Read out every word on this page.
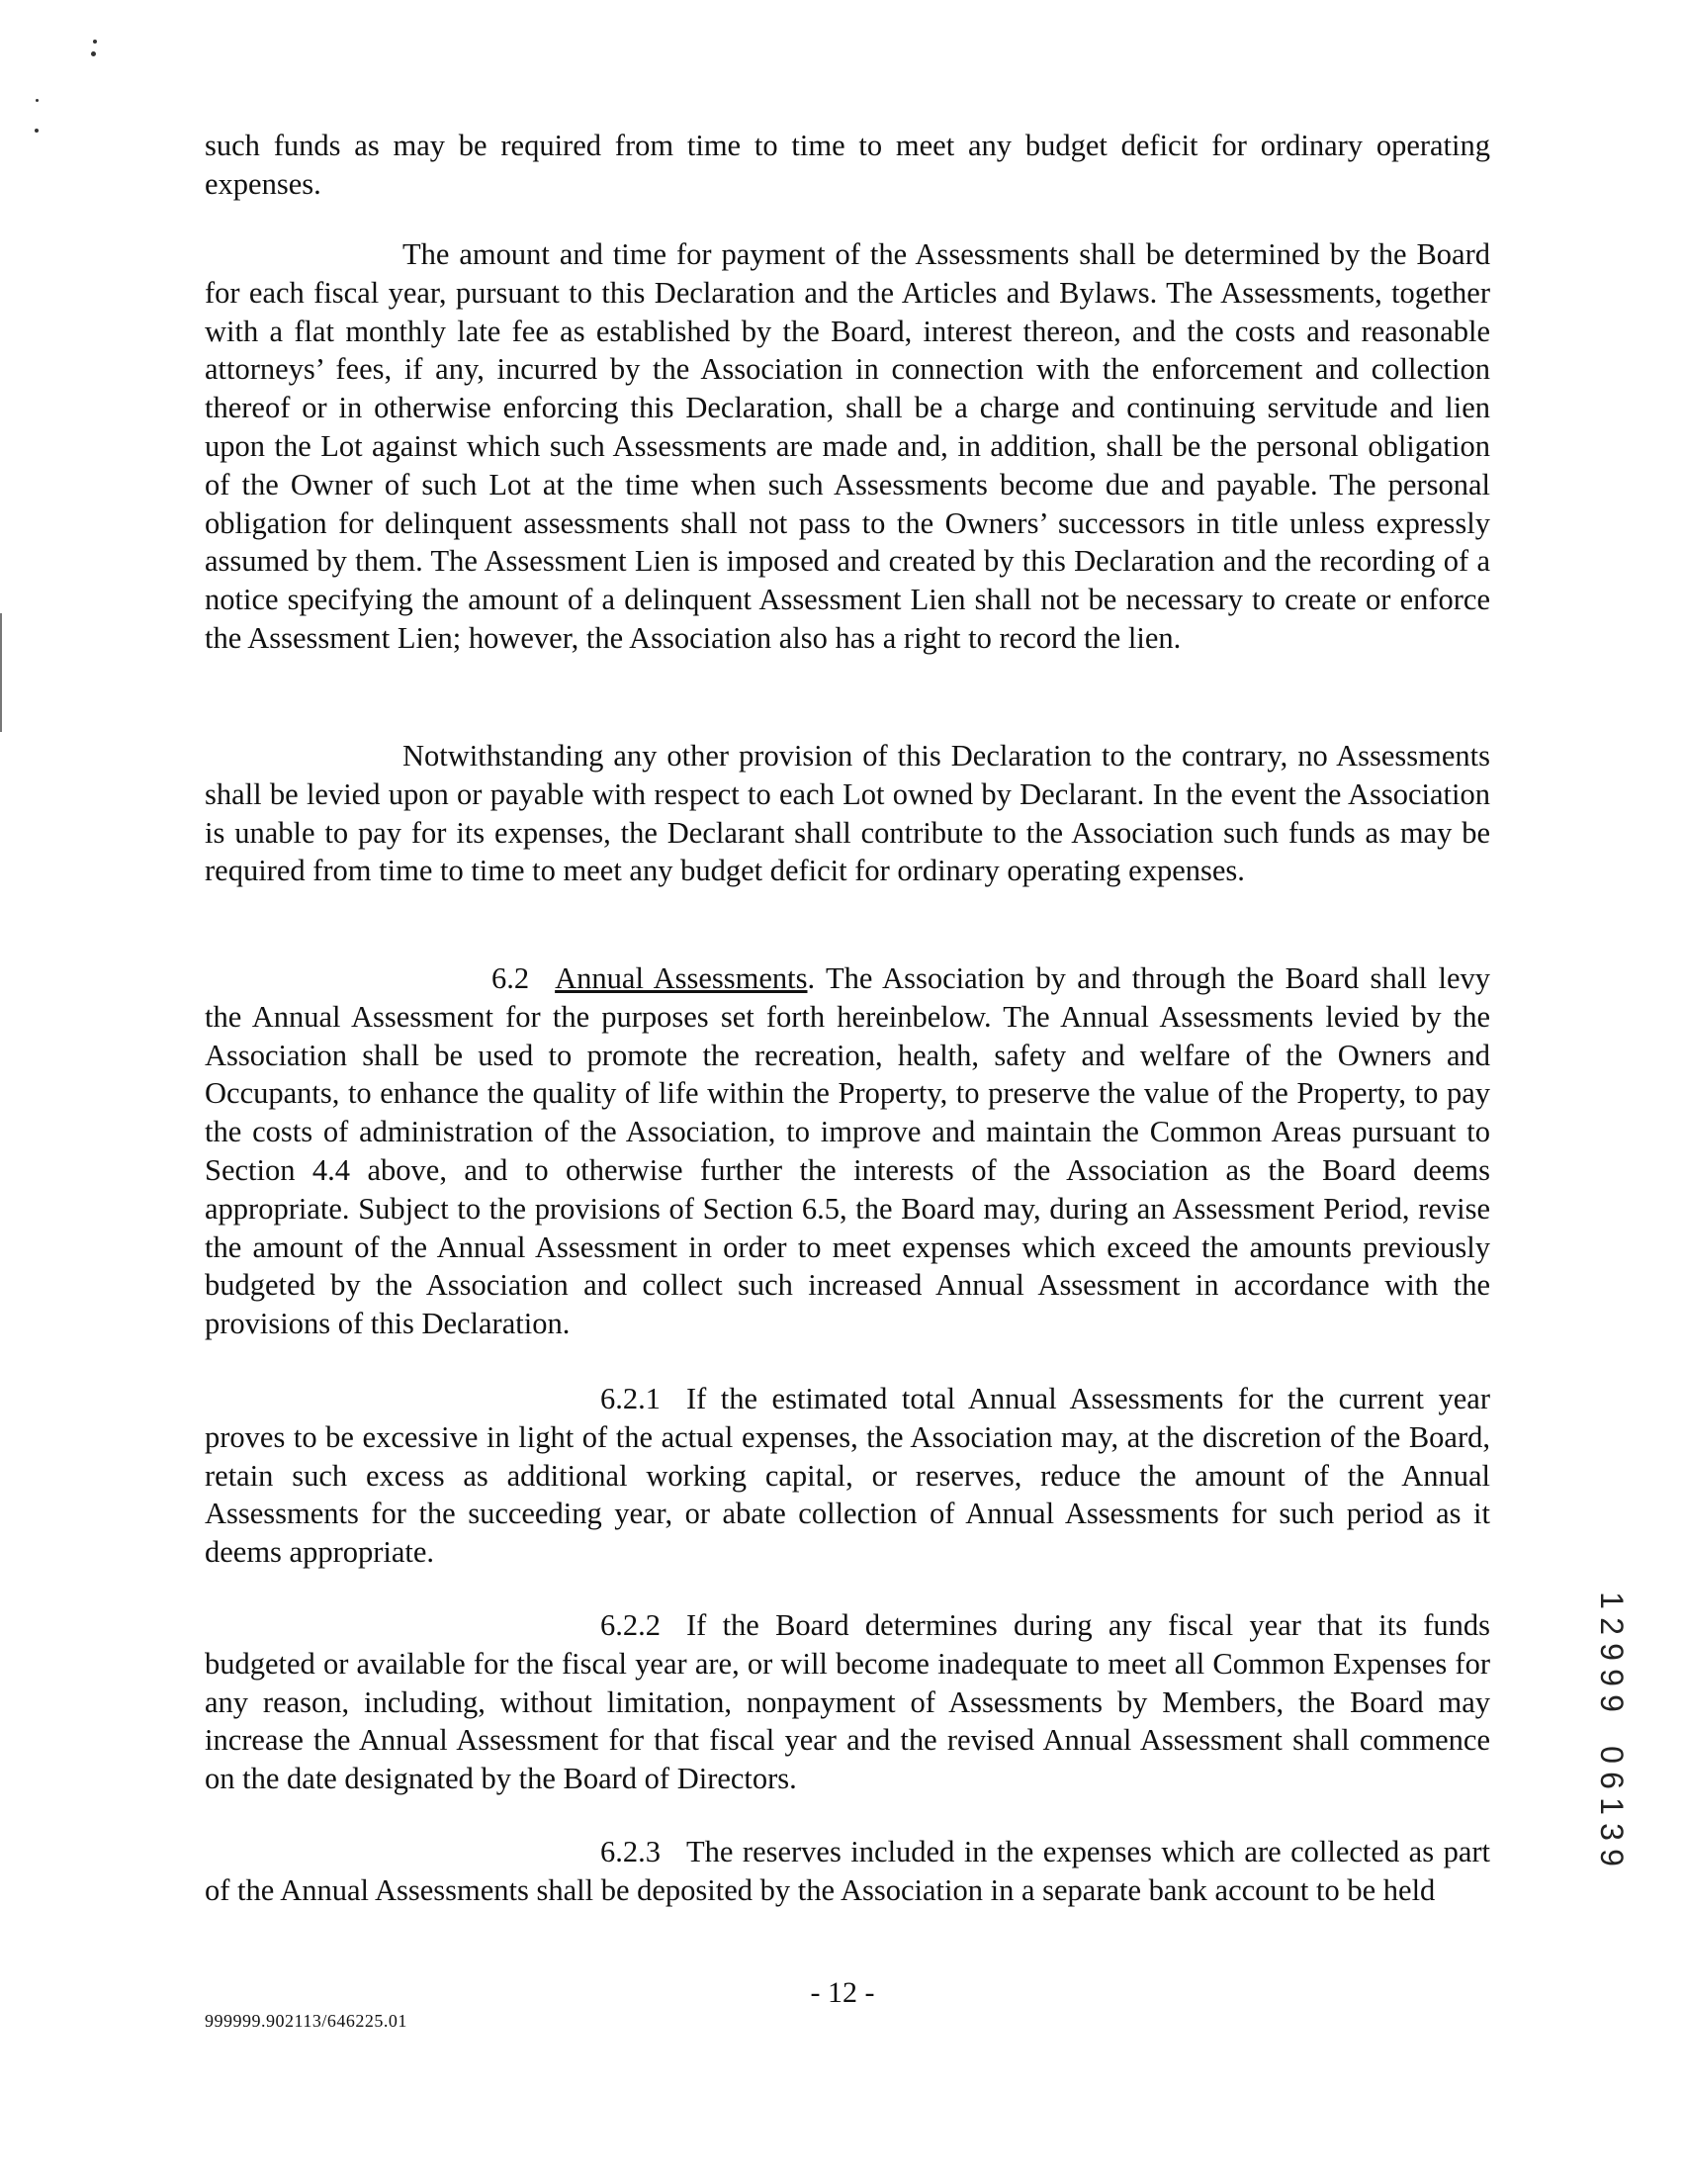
such funds as may be required from time to time to meet any budget deficit for ordinary operating expenses.

The amount and time for payment of the Assessments shall be determined by the Board for each fiscal year, pursuant to this Declaration and the Articles and Bylaws. The Assessments, together with a flat monthly late fee as established by the Board, interest thereon, and the costs and reasonable attorneys’ fees, if any, incurred by the Association in connection with the enforcement and collection thereof or in otherwise enforcing this Declaration, shall be a charge and continuing servitude and lien upon the Lot against which such Assessments are made and, in addition, shall be the personal obligation of the Owner of such Lot at the time when such Assessments become due and payable. The personal obligation for delinquent assessments shall not pass to the Owners’ successors in title unless expressly assumed by them. The Assessment Lien is imposed and created by this Declaration and the recording of a notice specifying the amount of a delinquent Assessment Lien shall not be necessary to create or enforce the Assessment Lien; however, the Association also has a right to record the lien.

Notwithstanding any other provision of this Declaration to the contrary, no Assessments shall be levied upon or payable with respect to each Lot owned by Declarant. In the event the Association is unable to pay for its expenses, the Declarant shall contribute to the Association such funds as may be required from time to time to meet any budget deficit for ordinary operating expenses.

6.2 Annual Assessments. The Association by and through the Board shall levy the Annual Assessment for the purposes set forth hereinbelow. The Annual Assessments levied by the Association shall be used to promote the recreation, health, safety and welfare of the Owners and Occupants, to enhance the quality of life within the Property, to preserve the value of the Property, to pay the costs of administration of the Association, to improve and maintain the Common Areas pursuant to Section 4.4 above, and to otherwise further the interests of the Association as the Board deems appropriate. Subject to the provisions of Section 6.5, the Board may, during an Assessment Period, revise the amount of the Annual Assessment in order to meet expenses which exceed the amounts previously budgeted by the Association and collect such increased Annual Assessment in accordance with the provisions of this Declaration.

6.2.1 If the estimated total Annual Assessments for the current year proves to be excessive in light of the actual expenses, the Association may, at the discretion of the Board, retain such excess as additional working capital, or reserves, reduce the amount of the Annual Assessments for the succeeding year, or abate collection of Annual Assessments for such period as it deems appropriate.

6.2.2 If the Board determines during any fiscal year that its funds budgeted or available for the fiscal year are, or will become inadequate to meet all Common Expenses for any reason, including, without limitation, nonpayment of Assessments by Members, the Board may increase the Annual Assessment for that fiscal year and the revised Annual Assessment shall commence on the date designated by the Board of Directors.

6.2.3 The reserves included in the expenses which are collected as part of the Annual Assessments shall be deposited by the Association in a separate bank account to be held

- 12 -
999999.902113/646225.01
1
2
9
9
9
0
6
1
3
9
